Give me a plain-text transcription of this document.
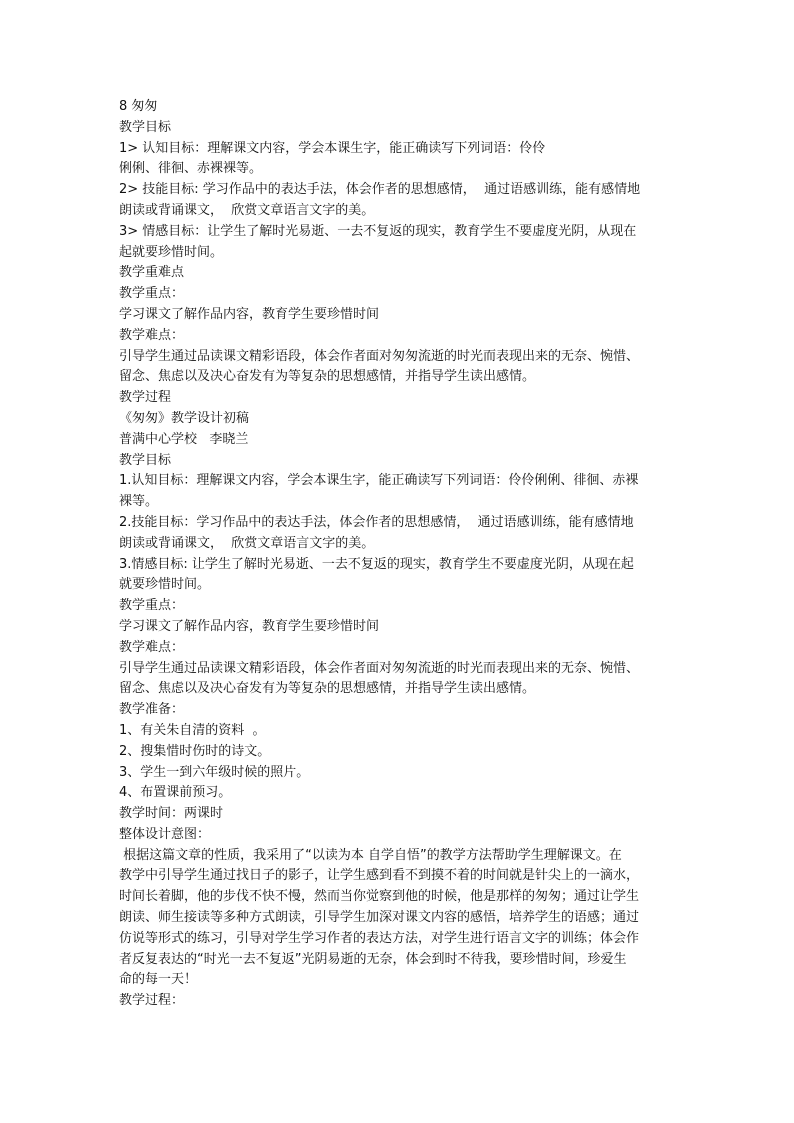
8 匆匆
教学目标
1> 认知目标：理解课文内容，学会本课生字，能正确读写下列词语：伶伶
俐俐、徘徊、赤裸裸等。
2> 技能目标: 学习作品中的表达手法，体会作者的思想感情，  通过语感训练，能有感情地
朗读或背诵课文，  欣赏文章语言文字的美。
3> 情感目标：让学生了解时光易逝、一去不复返的现实，教育学生不要虚度光阴，从现在
起就要珍惜时间。
教学重难点
教学重点：
学习课文了解作品内容，教育学生要珍惜时间
教学难点：
引导学生通过品读课文精彩语段，体会作者面对匆匆流逝的时光而表现出来的无奈、惋惜、
留念、焦虑以及决心奋发有为等复杂的思想感情，并指导学生读出感情。
教学过程
《匆匆》教学设计初稿
普满中心学校   李晓兰
教学目标
1.认知目标：理解课文内容，学会本课生字，能正确读写下列词语：伶伶俐俐、徘徊、赤裸
裸等。
2.技能目标：学习作品中的表达手法，体会作者的思想感情，  通过语感训练，能有感情地
朗读或背诵课文，  欣赏文章语言文字的美。
3.情感目标: 让学生了解时光易逝、一去不复返的现实，教育学生不要虚度光阴，从现在起
就要珍惜时间。
教学重点：
学习课文了解作品内容，教育学生要珍惜时间
教学难点：
引导学生通过品读课文精彩语段，体会作者面对匆匆流逝的时光而表现出来的无奈、惋惜、
留念、焦虑以及决心奋发有为等复杂的思想感情，并指导学生读出感情。
教学准备：
1、有关朱自清的资料  。
2、搜集惜时伤时的诗文。
3、学生一到六年级时候的照片。
4、布置课前预习。
教学时间：两课时
整体设计意图：
根据这篇文章的性质，我采用了“以读为本 自学自悟”的教学方法帮助学生理解课文。在
教学中引导学生通过找日子的影子，让学生感到看不到摸不着的时间就是针尖上的一滴水，
时间长着脚，他的步伐不快不慢，然而当你觉察到他的时候，他是那样的匆匆；通过让学生
朗读、师生接读等多种方式朗读，引导学生加深对课文内容的感悟，培养学生的语感；通过
仿说等形式的练习，引导对学生学习作者的表达方法，对学生进行语言文字的训练；体会作
者反复表达的“时光一去不复返”光阴易逝的无奈，体会到时不待我，要珍惜时间，珍爱生
命的每一天！
教学过程：
